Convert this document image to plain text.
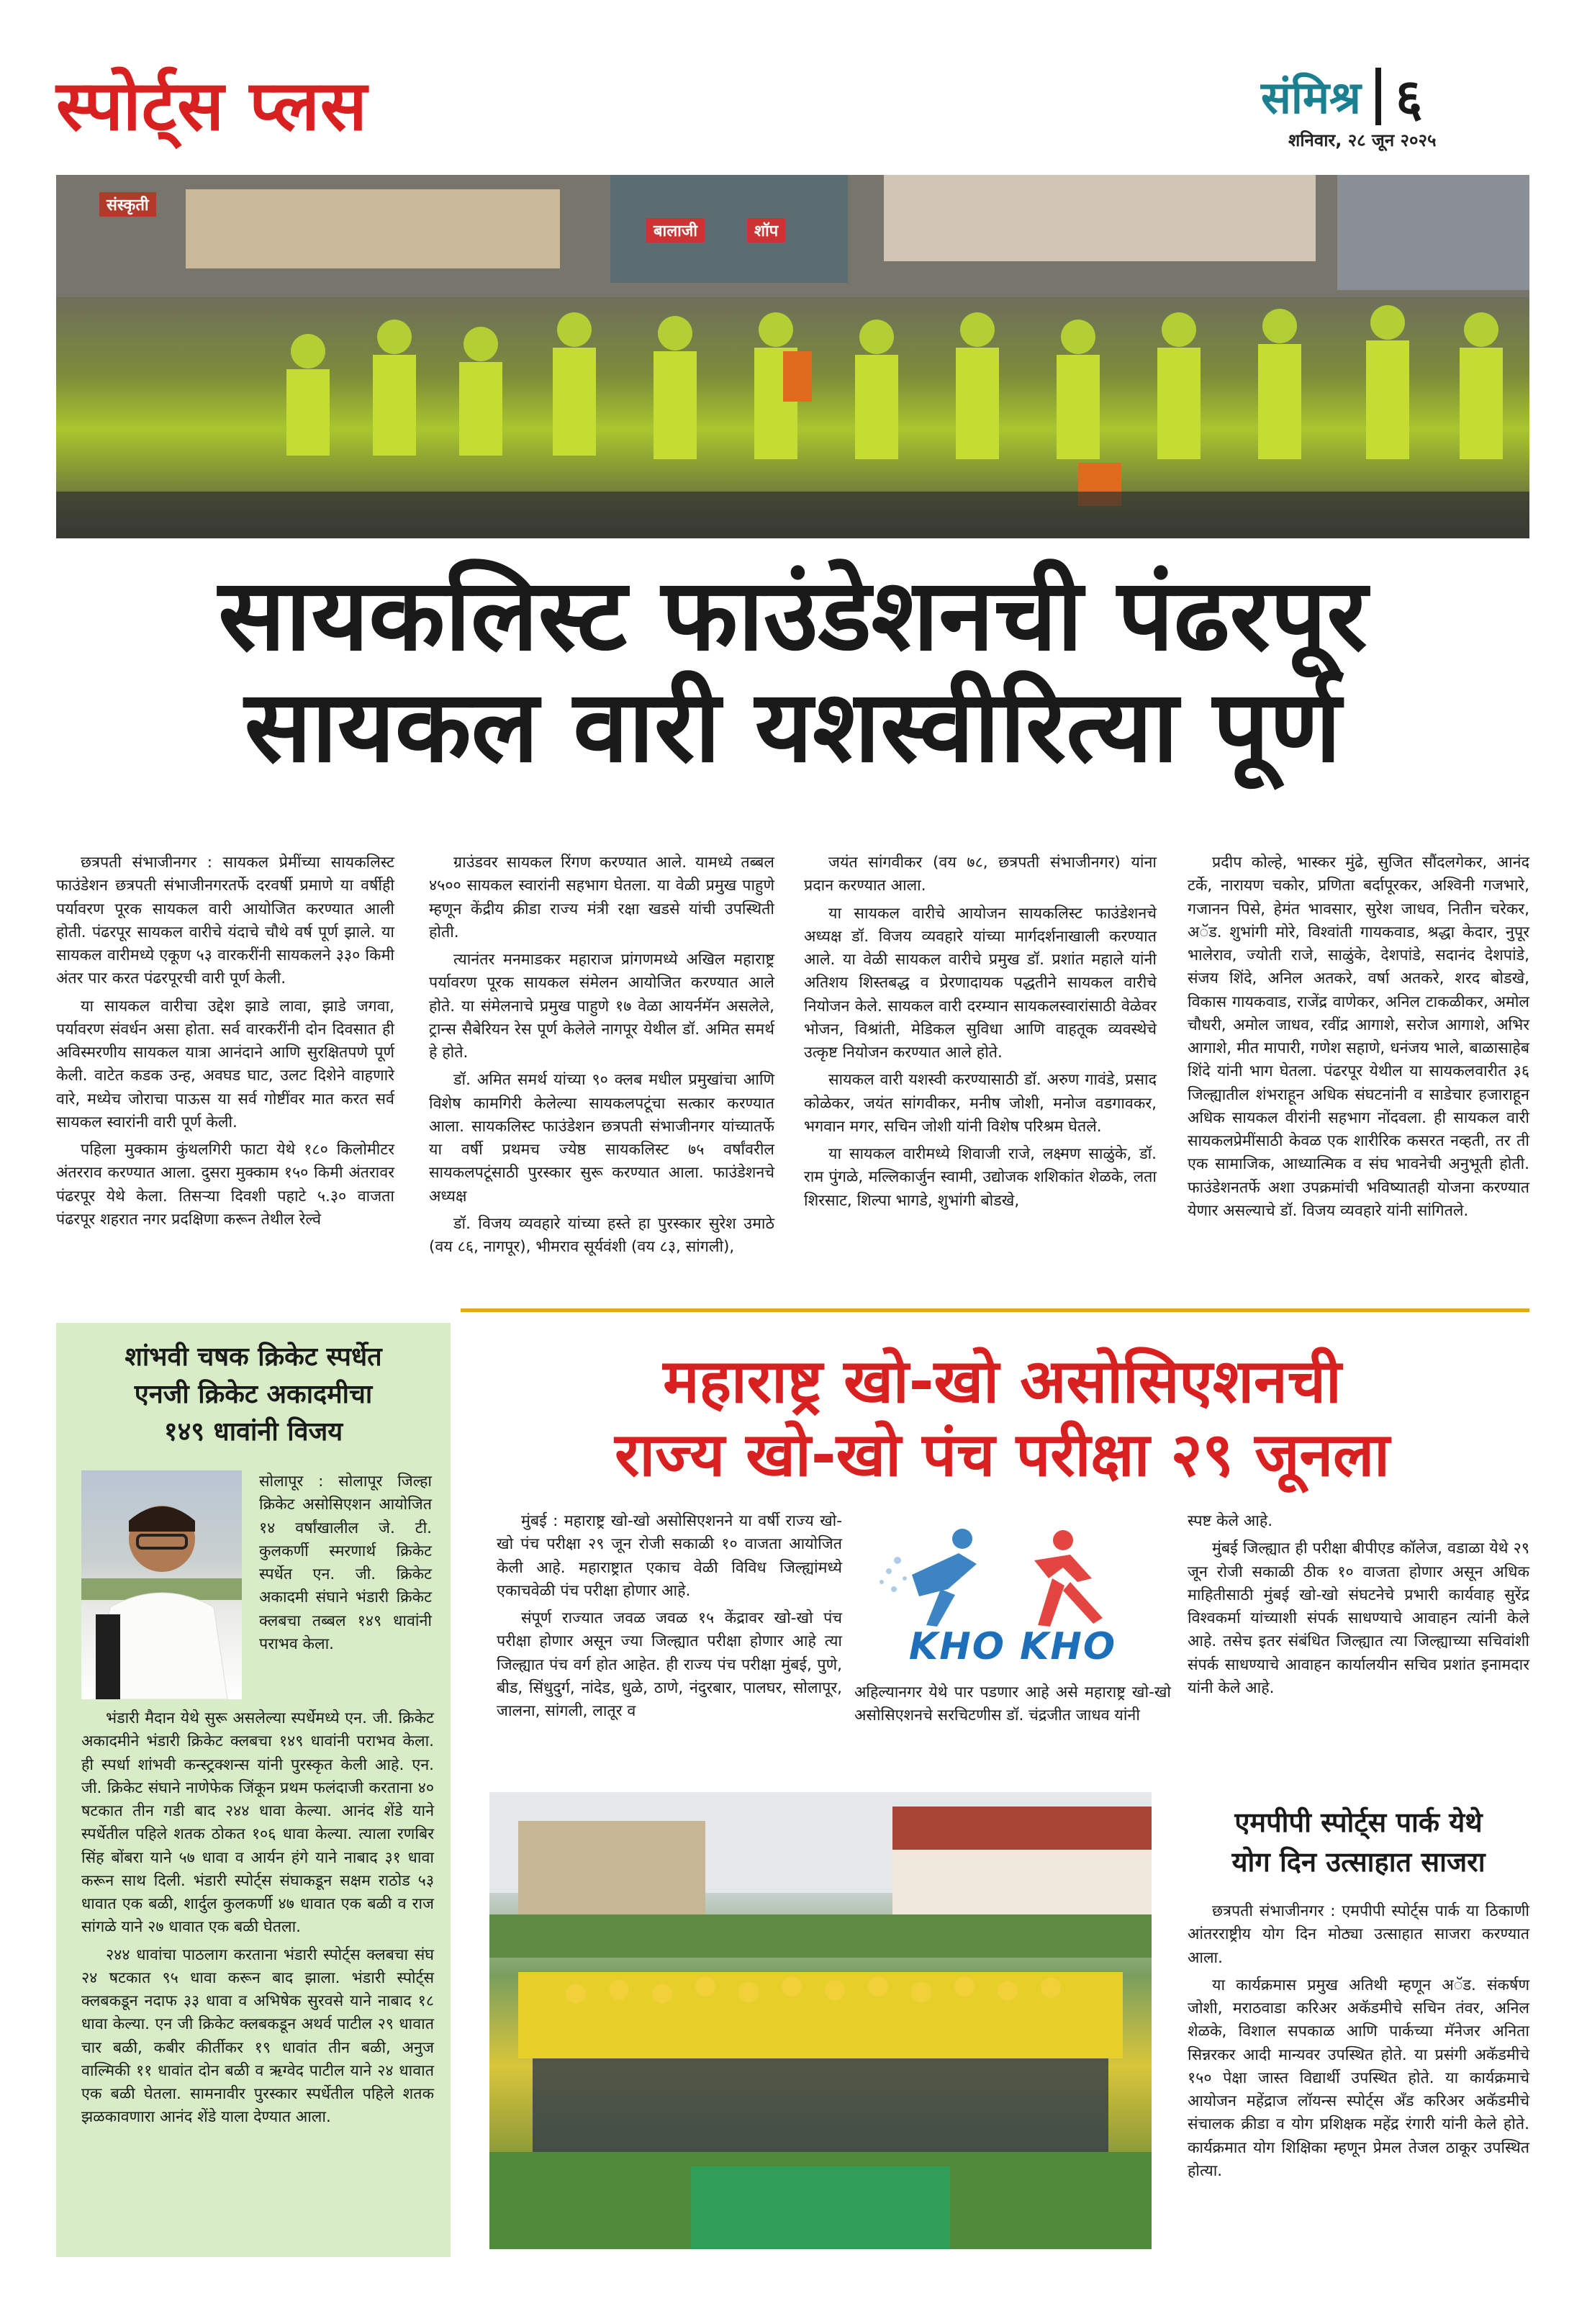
स्पोर्ट्स प्लस	संमिश्र ६
शनिवार, २८ जून २०२५
संस्कृती
बालाजी	शॉप
सायकलिस्ट फाउंडेशनची पंढरपूर
सायकल वारी यशस्वीरित्या पूर्ण

छत्रपती संभाजीनगर : सायकल प्रेमींच्या सायकलिस्ट फाउंडेशन छत्रपती संभाजीनगरतर्फे दरवर्षी प्रमाणे या वर्षीही पर्यावरण पूरक सायकल वारी आयोजित करण्यात आली होती. पंढरपूर सायकल वारीचे यंदाचे चौथे वर्ष पूर्ण झाले. या सायकल वारीमध्ये एकूण ५३ वारकरींनी सायकलने ३३० किमी अंतर पार करत पंढरपूरची वारी पूर्ण केली.

या सायकल वारीचा उद्देश झाडे लावा, झाडे जगवा, पर्यावरण संवर्धन असा होता. सर्व वारकरींनी दोन दिवसात ही अविस्मरणीय सायकल यात्रा आनंदाने आणि सुरक्षितपणे पूर्ण केली. वाटेत कडक उन्ह, अवघड घाट, उलट दिशेने वाहणारे वारे, मध्येच जोराचा पाऊस या सर्व गोष्टींवर मात करत सर्व सायकल स्वारांनी वारी पूर्ण केली.

पहिला मुक्काम कुंथलगिरी फाटा येथे १८० किलोमीटर अंतरराव करण्यात आला. दुसरा मुक्काम १५० किमी अंतरावर पंढरपूर येथे केला. तिसऱ्या दिवशी पहाटे ५.३० वाजता पंढरपूर शहरात नगर प्रदक्षिणा करून तेथील रेल्वे

ग्राउंडवर सायकल रिंगण करण्यात आले. यामध्ये तब्बल ४५०० सायकल स्वारांनी सहभाग घेतला. या वेळी प्रमुख पाहुणे म्हणून केंद्रीय क्रीडा राज्य मंत्री रक्षा खडसे यांची उपस्थिती होती.

त्यानंतर मनमाडकर महाराज प्रांगणमध्ये अखिल महाराष्ट्र पर्यावरण पूरक सायकल संमेलन आयोजित करण्यात आले होते. या संमेलनाचे प्रमुख पाहुणे १७ वेळा आयर्नमॅन असलेले, ट्रान्स सैबेरियन रेस पूर्ण केलेले नागपूर येथील डॉ. अमित समर्थ हे होते.

डॉ. अमित समर्थ यांच्या ९० क्लब मधील प्रमुखांचा आणि विशेष कामगिरी केलेल्या सायकलपटूंचा सत्कार करण्यात आला. सायकलिस्ट फाउंडेशन छत्रपती संभाजीनगर यांच्यातर्फे या वर्षी प्रथमच ज्येष्ठ सायकलिस्ट ७५ वर्षांवरील सायकलपटूंसाठी पुरस्कार सुरू करण्यात आला. फाउंडेशनचे अध्यक्ष

डॉ. विजय व्यवहारे यांच्या हस्ते हा पुरस्कार सुरेश उमाठे (वय ८६, नागपूर), भीमराव सूर्यवंशी (वय ८३, सांगली),

जयंत सांगवीकर (वय ७८, छत्रपती संभाजीनगर) यांना प्रदान करण्यात आला.

या सायकल वारीचे आयोजन सायकलिस्ट फाउंडेशनचे अध्यक्ष डॉ. विजय व्यवहारे यांच्या मार्गदर्शनाखाली करण्यात आले. या वेळी सायकल वारीचे प्रमुख डॉ. प्रशांत महाले यांनी अतिशय शिस्तबद्ध व प्रेरणादायक पद्धतीने सायकल वारीचे नियोजन केले. सायकल वारी दरम्यान सायकलस्वारांसाठी वेळेवर भोजन, विश्रांती, मेडिकल सुविधा आणि वाहतूक व्यवस्थेचे उत्कृष्ट नियोजन करण्यात आले होते.

सायकल वारी यशस्वी करण्यासाठी डॉ. अरुण गावंडे, प्रसाद कोळेकर, जयंत सांगवीकर, मनीष जोशी, मनोज वडगावकर, भगवान मगर, सचिन जोशी यांनी विशेष परिश्रम घेतले.

या सायकल वारीमध्ये शिवाजी राजे, लक्ष्मण साळुंके, डॉ. राम पुंगळे, मल्लिकार्जुन स्वामी, उद्योजक शशिकांत शेळके, लता शिरसाट, शिल्पा भागडे, शुभांगी बोडखे,

प्रदीप कोल्हे, भास्कर मुंढे, सुजित सौंदलगेकर, आनंद टर्के, नारायण चकोर, प्रणिता बर्दापूरकर, अश्विनी गजभारे, गजानन पिसे, हेमंत भावसार, सुरेश जाधव, नितीन चरेकर, अॅड. शुभांगी मोरे, विश्वांती गायकवाड, श्रद्धा केदार, नुपूर भालेराव, ज्योती राजे, साळुंके, देशपांडे, सदानंद देशपांडे, संजय शिंदे, अनिल अतकरे, वर्षा अतकरे, शरद बोडखे, विकास गायकवाड, राजेंद्र वाणेकर, अनिल टाकळीकर, अमोल चौधरी, अमोल जाधव, रवींद्र आगाशे, सरोज आगाशे, अभिर आगाशे, मीत मापारी, गणेश सहाणे, धनंजय भाले, बाळासाहेब शिंदे यांनी भाग घेतला. पंढरपूर येथील या सायकलवारीत ३६ जिल्ह्यातील शंभराहून अधिक संघटनांनी व साडेचार हजाराहून अधिक सायकल वीरांनी सहभाग नोंदवला. ही सायकल वारी सायकलप्रेमींसाठी केवळ एक शारीरिक कसरत नव्हती, तर ती एक सामाजिक, आध्यात्मिक व संघ भावनेची अनुभूती होती. फाउंडेशनतर्फे अशा उपक्रमांची भविष्यातही योजना करण्यात येणार असल्याचे डॉ. विजय व्यवहारे यांनी सांगितले.

शांभवी चषक क्रिकेट स्पर्धेत
एनजी क्रिकेट अकादमीचा
१४९ धावांनी विजय
सोलापूर : सोलापूर जिल्हा क्रिकेट असोसिएशन आयोजित १४ वर्षांखालील जे. टी. कुलकर्णी स्मरणार्थ क्रिकेट स्पर्धेत एन. जी. क्रिकेट अकादमी संघाने भंडारी क्रिकेट क्लबचा तब्बल १४९ धावांनी पराभव केला.

भंडारी मैदान येथे सुरू असलेल्या स्पर्धेमध्ये एन. जी. क्रिकेट अकादमीने भंडारी क्रिकेट क्लबचा १४९ धावांनी पराभव केला. ही स्पर्धा शांभवी कन्स्ट्रक्शन्स यांनी पुरस्कृत केली आहे. एन. जी. क्रिकेट संघाने नाणेफेक जिंकून प्रथम फलंदाजी करताना ४० षटकात तीन गडी बाद २४४ धावा केल्या. आनंद शेंडे याने स्पर्धेतील पहिले शतक ठोकत १०६ धावा केल्या. त्याला रणबिर सिंह बोंबरा याने ५७ धावा व आर्यन हंगे याने नाबाद ३१ धावा करून साथ दिली. भंडारी स्पोर्ट्स संघाकडून सक्षम राठोड ५३ धावात एक बळी, शार्दुल कुलकर्णी ४७ धावात एक बळी व राज सांगळे याने २७ धावात एक बळी घेतला.

२४४ धावांचा पाठलाग करताना भंडारी स्पोर्ट्स क्लबचा संघ २४ षटकात ९५ धावा करून बाद झाला. भंडारी स्पोर्ट्स क्लबकडून नदाफ ३३ धावा व अभिषेक सुरवसे याने नाबाद १८ धावा केल्या. एन जी क्रिकेट क्लबकडून अथर्व पाटील २९ धावात चार बळी, कबीर कीर्तीकर १९ धावांत तीन बळी, अनुज वाल्मिकी ११ धावांत दोन बळी व ऋग्वेद पाटील याने २४ धावात एक बळी घेतला. सामनावीर पुरस्कार स्पर्धेतील पहिले शतक झळकावणारा आनंद शेंडे याला देण्यात आला.

महाराष्ट्र खो-खो असोसिएशनची
राज्य खो-खो पंच परीक्षा २९ जूनला

मुंबई : महाराष्ट्र खो-खो असोसिएशनने या वर्षी राज्य खो-खो पंच परीक्षा २९ जून रोजी सकाळी १० वाजता आयोजित केली आहे. महाराष्ट्रात एकाच वेळी विविध जिल्ह्यांमध्ये एकाचवेळी पंच परीक्षा होणार आहे.

संपूर्ण राज्यात जवळ जवळ १५ केंद्रावर खो-खो पंच परीक्षा होणार असून ज्या जिल्ह्यात परीक्षा होणार आहे त्या जिल्ह्यात पंच वर्ग होत आहेत. ही राज्य पंच परीक्षा मुंबई, पुणे, बीड, सिंधुदुर्ग, नांदेड, धुळे, ठाणे, नंदुरबार, पालघर, सोलापूर, जालना, सांगली, लातूर व

KHO KHO
अहिल्यानगर येथे पार पडणार आहे असे महाराष्ट्र खो-खो असोसिएशनचे सरचिटणीस डॉ. चंद्रजीत जाधव यांनी

स्पष्ट केले आहे.

मुंबई जिल्ह्यात ही परीक्षा बीपीएड कॉलेज, वडाळा येथे २९ जून रोजी सकाळी ठीक १० वाजता होणार असून अधिक माहितीसाठी मुंबई खो-खो संघटनेचे प्रभारी कार्यवाह सुरेंद्र विश्वकर्मा यांच्याशी संपर्क साधण्याचे आवाहन त्यांनी केले आहे. तसेच इतर संबंधित जिल्ह्यात त्या जिल्ह्याच्या सचिवांशी संपर्क साधण्याचे आवाहन कार्यालयीन सचिव प्रशांत इनामदार यांनी केले आहे.

एमपीपी स्पोर्ट्स पार्क येथे
योग दिन उत्साहात साजरा

छत्रपती संभाजीनगर : एमपीपी स्पोर्ट्स पार्क या ठिकाणी आंतरराष्ट्रीय योग दिन मोठ्या उत्साहात साजरा करण्यात आला.

या कार्यक्रमास प्रमुख अतिथी म्हणून अॅड. संकर्षण जोशी, मराठवाडा करिअर अकॅडमीचे सचिन तंवर, अनिल शेळके, विशाल सपकाळ आणि पार्कच्या मॅनेजर अनिता सिन्नरकर आदी मान्यवर उपस्थित होते. या प्रसंगी अकॅडमीचे १५० पेक्षा जास्त विद्यार्थी उपस्थित होते. या कार्यक्रमाचे आयोजन महेंद्राज लॉयन्स स्पोर्ट्स अँड करिअर अकॅडमीचे संचालक क्रीडा व योग प्रशिक्षक महेंद्र रंगारी यांनी केले होते. कार्यक्रमात योग शिक्षिका म्हणून प्रेमल तेजल ठाकूर उपस्थित होत्या.
